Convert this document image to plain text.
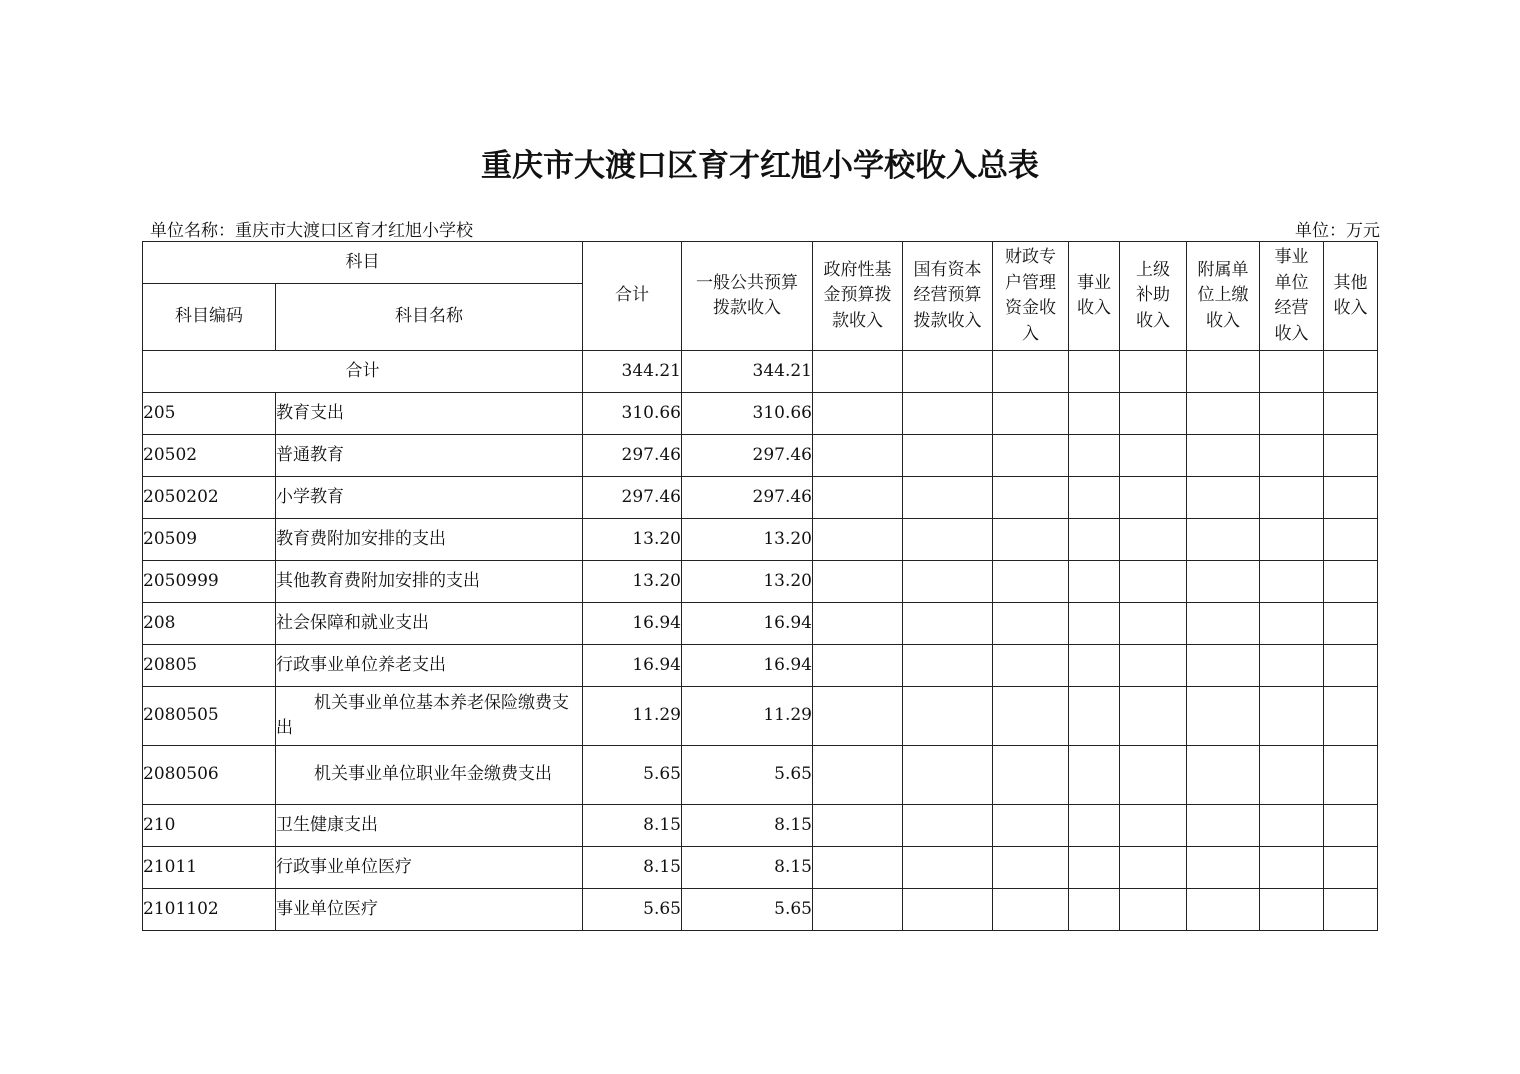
重庆市大渡口区育才红旭小学校收入总表
单位名称：重庆市大渡口区育才红旭小学校	单位：万元
科目		合计	一般公共预算拨款收入	政府性基金预算拨款收入	国有资本经营预算拨款收入	财政专户管理资金收入	事业收入	上级补助收入	附属单位上缴收入	事业单位经营收入	其他收入
科目编码	科目名称										
合计		344.21	344.21								
205	教育支出	310.66	310.66								
20502	普通教育	297.46	297.46								
2050202	小学教育	297.46	297.46								
20509	教育费附加安排的支出	13.20	13.20								
2050999	其他教育费附加安排的支出	13.20	13.20								
208	社会保障和就业支出	16.94	16.94								
20805	行政事业单位养老支出	16.94	16.94								
2080505	机关事业单位基本养老保险缴费支出	11.29	11.29								
2080506	机关事业单位职业年金缴费支出	5.65	5.65								
210	卫生健康支出	8.15	8.15								
21011	行政事业单位医疗	8.15	8.15								
2101102	事业单位医疗	5.65	5.65								
